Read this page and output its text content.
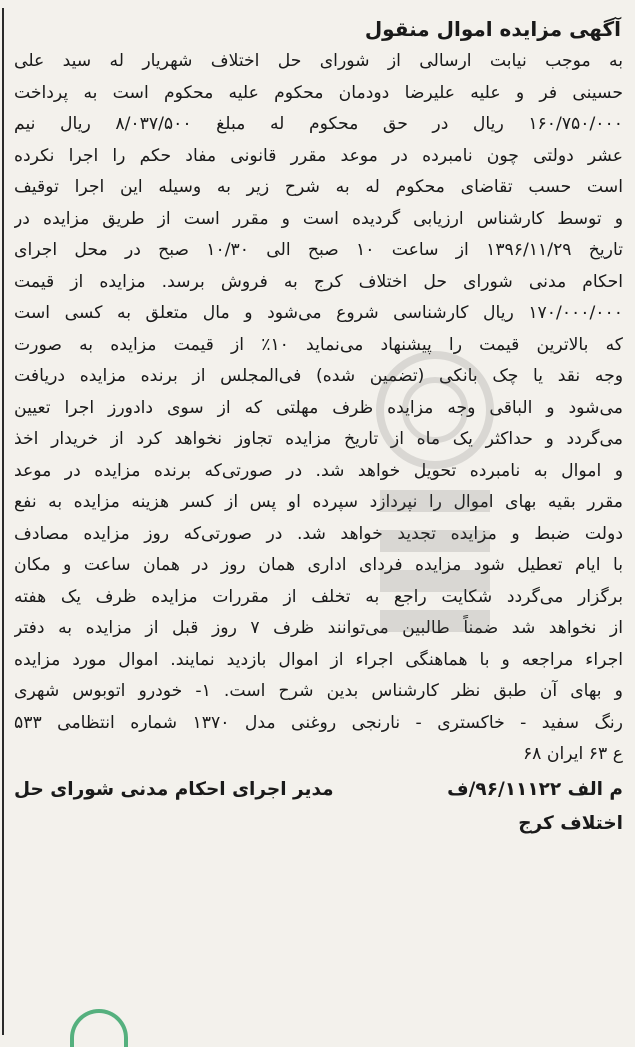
آگهی مزایده اموال منقول
به موجب نیابت ارسالی از شورای حل اختلاف شهریار له سید علی
حسینی فر و علیه علیرضا دودمان محکوم علیه محکوم است به پرداخت
۱۶۰/۷۵۰/۰۰۰ ریال در حق محکوم له مبلغ ۸/۰۳۷/۵۰۰ ریال نیم
عشر دولتی چون نامبرده در موعد مقرر قانونی مفاد حکم را اجرا نکرده
است حسب تقاضای محکوم له به شرح زیر به وسیله این اجرا توقیف
و توسط کارشناس ارزیابی گردیده است و مقرر است از طریق مزایده در
تاریخ ۱۳۹۶/۱۱/۲۹ از ساعت ۱۰ صبح الی ۱۰/۳۰ صبح در محل اجرای
احکام مدنی شورای حل اختلاف کرج به فروش برسد. مزایده از قیمت
۱۷۰/۰۰۰/۰۰۰ ریال کارشناسی شروع می‌شود و مال متعلق به کسی است
که بالاترین قیمت را پیشنهاد می‌نماید ۱۰٪ از قیمت مزایده به صورت
وجه نقد یا چک بانکی (تضمین شده) فی‌المجلس از برنده مزایده دریافت
می‌شود و الباقی وجه مزایده ظرف مهلتی که از سوی دادورز اجرا تعیین
می‌گردد و حداکثر یک ماه از تاریخ مزایده تجاوز نخواهد کرد از خریدار اخذ
و اموال به نامبرده تحویل خواهد شد. در صورتی‌که برنده مزایده در موعد
مقرر بقیه بهای اموال را نپردازد سپرده او پس از کسر هزینه مزایده به نفع
دولت ضبط و مزایده تجدید خواهد شد. در صورتی‌که روز مزایده مصادف
با ایام تعطیل شود مزایده فردای اداری همان روز در همان ساعت و مکان
برگزار می‌گردد شکایت راجع به تخلف از مقررات مزایده ظرف یک هفته
از نخواهد شد ضمناً طالبین می‌توانند ظرف ۷ روز قبل از مزایده به دفتر
اجراء مراجعه و با هماهنگی اجراء از اموال بازدید نمایند. اموال مورد مزایده
و بهای آن طبق نظر کارشناس بدین شرح است. ۱- خودرو اتوبوس شهری
رنگ سفید - خاکستری - نارنجی روغنی مدل ۱۳۷۰ شماره انتظامی ۵۳۳
ع ۶۳ ایران ۶۸
م الف ۹۶/۱۱۱۲۲/ف
مدیر اجرای احکام مدنی شورای حل
اختلاف کرج
